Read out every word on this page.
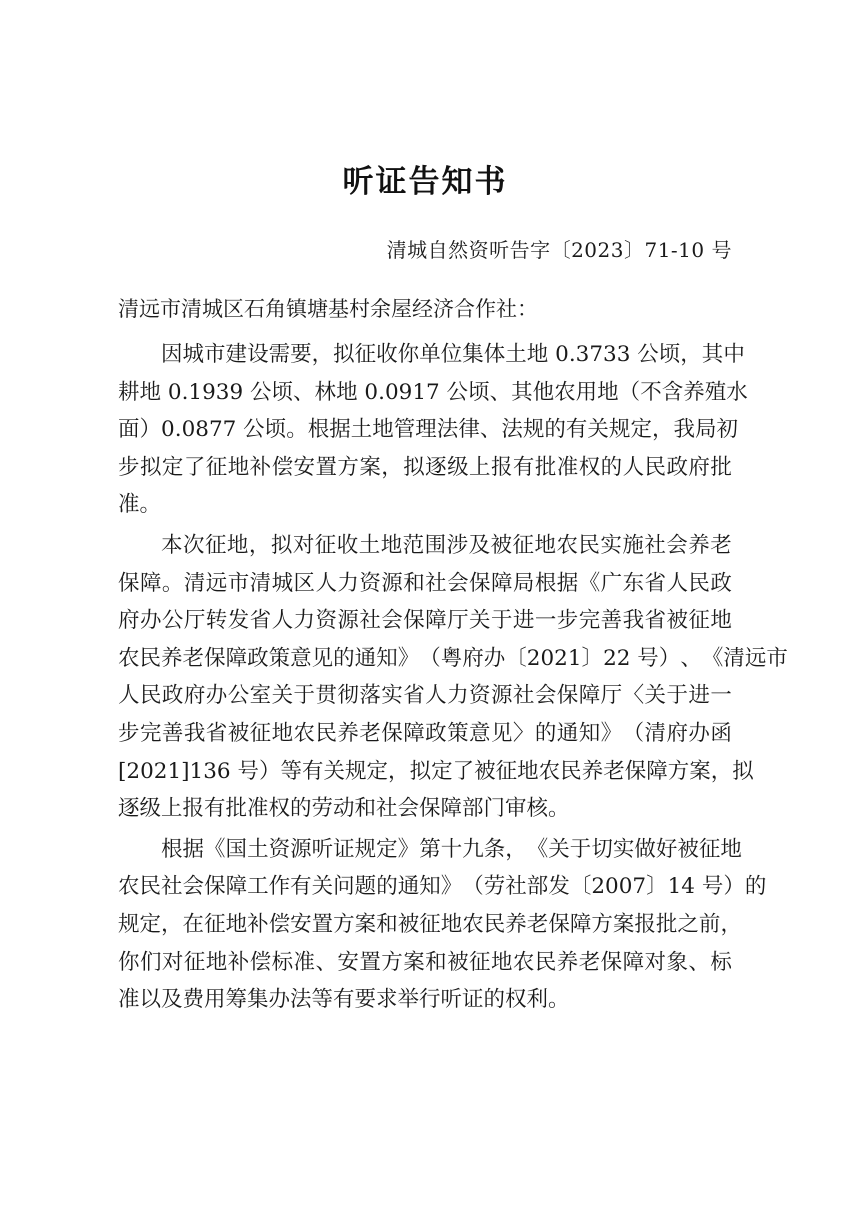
听证告知书
清城自然资听告字〔2023〕71-10 号
清远市清城区石角镇塘基村余屋经济合作社：
因 城 市 建 设 需 要 ， 拟 征 收 你 单 位 集 体 土 地
0 . 3 7 3 3
公 顷 ， 其 中
耕 地
0 . 1 9 3 9
公 顷 、 林 地
0 . 0 9 1 7
公 顷 、 其 他 农 用 地 （ 不 含 养 殖 水
面 ） 0 . 0 8 7 7
公 顷 。 根 据 土 地 管 理 法 律 、 法 规 的 有 关 规 定 ， 我 局 初
步 拟 定 了 征 地 补 偿 安 置 方 案 ， 拟 逐 级 上 报 有 批 准 权 的 人 民 政 府 批
准。
本 次 征 地 ， 拟 对 征 收 土 地 范 围 涉 及 被 征 地 农 民 实 施 社 会 养 老
保 障 。 清 远 市 清 城 区 人 力 资 源 和 社 会 保 障 局 根 据 《 广 东 省 人 民 政
府 办 公 厅 转 发 省 人 力 资 源 社 会 保 障 厅 关 于 进 一 步 完 善 我 省 被 征 地
农 民 养 老 保 障 政 策 意 见 的 通 知 》 （ 粤 府 办 〔 2 0 2 1 〕 2 2
号 ） 、 《 清 远 市
人 民 政 府 办 公 室 关 于 贯 彻 落 实 省 人 力 资 源 社 会 保 障 厅 〈 关 于 进 一
步 完 善 我 省 被 征 地 农 民 养 老 保 障 政 策 意 见 〉 的 通 知 》 （ 清 府 办 函
[ 2 0 2 1 ] 1 3 6
号 ） 等 有 关 规 定 ， 拟 定 了 被 征 地 农 民 养 老 保 障 方 案 ， 拟
逐级上报有批准权的劳动和社会保障部门审核。
根 据 《 国 土 资 源 听 证 规 定 》 第 十 九 条 ， 《 关 于 切 实 做 好 被 征 地
农 民 社 会 保 障 工 作 有 关 问 题 的 通 知 》 （ 劳 社 部 发 〔 2 0 0 7 〕 1 4
号 ） 的
规 定 ， 在 征 地 补 偿 安 置 方 案 和 被 征 地 农 民 养 老 保 障 方 案 报 批 之 前 ，
你 们 对 征 地 补 偿 标 准 、 安 置 方 案 和 被 征 地 农 民 养 老 保 障 对 象 、 标
准以及费用筹集办法等有要求举行听证的权利。
